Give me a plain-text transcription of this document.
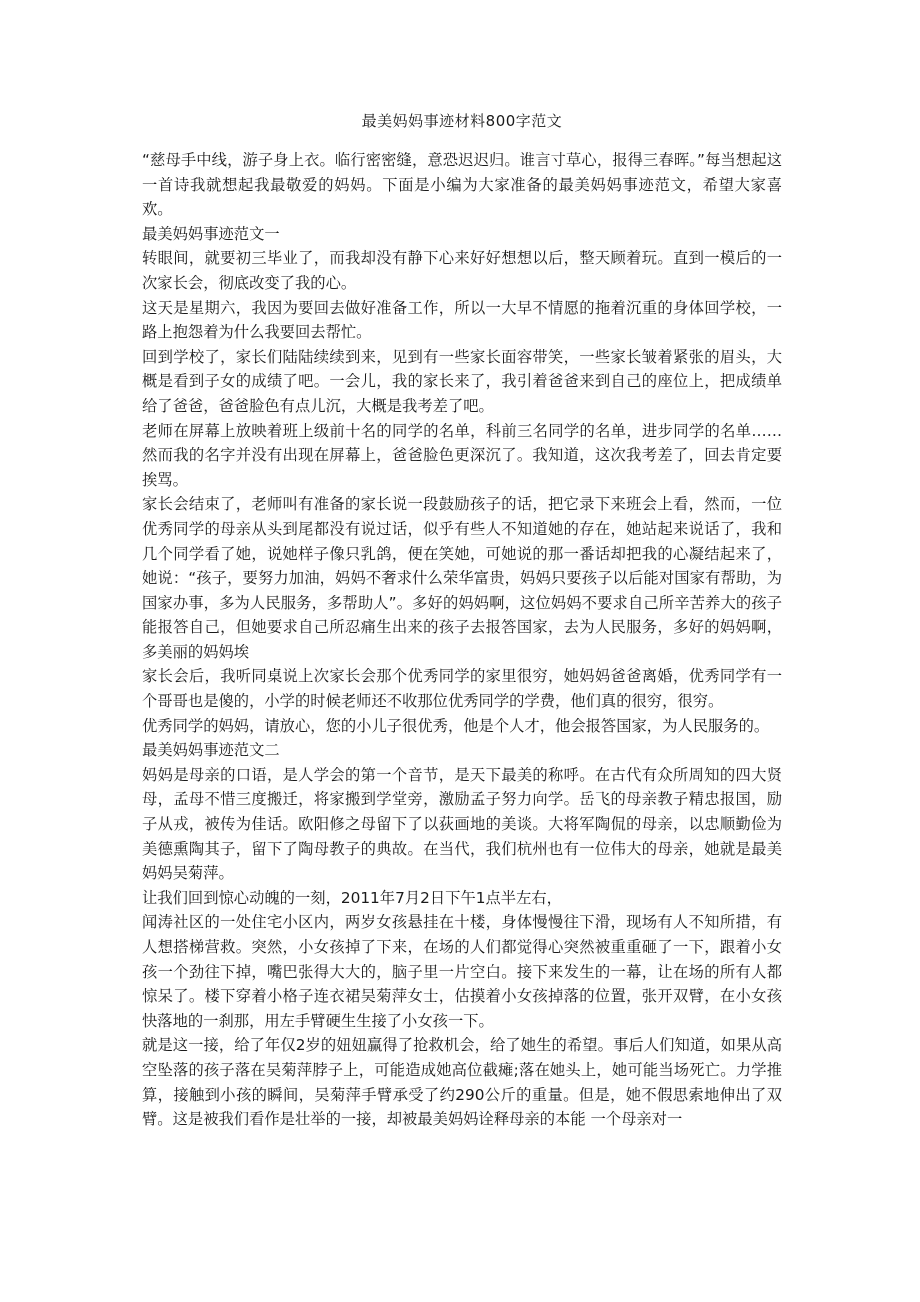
最美妈妈事迹材料800字范文

“慈母手中线，游子身上衣。临行密密缝，意恐迟迟归。谁言寸草心，报得三春晖。”每当想起这一首诗我就想起我最敬爱的妈妈。下面是小编为大家准备的最美妈妈事迹范文，希望大家喜欢。

最美妈妈事迹范文一

转眼间，就要初三毕业了，而我却没有静下心来好好想想以后，整天顾着玩。直到一模后的一次家长会，彻底改变了我的心。

这天是星期六，我因为要回去做好准备工作，所以一大早不情愿的拖着沉重的身体回学校，一路上抱怨着为什么我要回去帮忙。

回到学校了，家长们陆陆续续到来，见到有一些家长面容带笑，一些家长皱着紧张的眉头，大概是看到子女的成绩了吧。一会儿，我的家长来了，我引着爸爸来到自己的座位上，把成绩单给了爸爸，爸爸脸色有点儿沉，大概是我考差了吧。

老师在屏幕上放映着班上级前十名的同学的名单，科前三名同学的名单，进步同学的名单……然而我的名字并没有出现在屏幕上，爸爸脸色更深沉了。我知道，这次我考差了，回去肯定要挨骂。

家长会结束了，老师叫有准备的家长说一段鼓励孩子的话，把它录下来班会上看，然而，一位优秀同学的母亲从头到尾都没有说过话，似乎有些人不知道她的存在，她站起来说话了，我和几个同学看了她，说她样子像只乳鸽，便在笑她，可她说的那一番话却把我的心凝结起来了，她说：“孩子，要努力加油，妈妈不奢求什么荣华富贵，妈妈只要孩子以后能对国家有帮助，为国家办事，多为人民服务，多帮助人”。多好的妈妈啊，这位妈妈不要求自己所辛苦养大的孩子能报答自己，但她要求自己所忍痛生出来的孩子去报答国家，去为人民服务，多好的妈妈啊，多美丽的妈妈埃

家长会后，我听同桌说上次家长会那个优秀同学的家里很穷，她妈妈爸爸离婚，优秀同学有一个哥哥也是傻的，小学的时候老师还不收那位优秀同学的学费，他们真的很穷，很穷。

优秀同学的妈妈，请放心，您的小儿子很优秀，他是个人才，他会报答国家，为人民服务的。

最美妈妈事迹范文二

妈妈是母亲的口语，是人学会的第一个音节，是天下最美的称呼。在古代有众所周知的四大贤母，孟母不惜三度搬迁，将家搬到学堂旁，激励孟子努力向学。岳飞的母亲教子精忠报国，励子从戎，被传为佳话。欧阳修之母留下了以荻画地的美谈。大将军陶侃的母亲，以忠顺勤俭为美德熏陶其子，留下了陶母教子的典故。在当代，我们杭州也有一位伟大的母亲，她就是最美妈妈吴菊萍。

让我们回到惊心动魄的一刻，2011年7月2日下午1点半左右，

闻涛社区的一处住宅小区内，两岁女孩悬挂在十楼，身体慢慢往下滑，现场有人不知所措，有人想搭梯营救。突然，小女孩掉了下来，在场的人们都觉得心突然被重重砸了一下，跟着小女孩一个劲往下掉，嘴巴张得大大的，脑子里一片空白。接下来发生的一幕，让在场的所有人都惊呆了。楼下穿着小格子连衣裙吴菊萍女士，估摸着小女孩掉落的位置，张开双臂，在小女孩快落地的一刹那，用左手臂硬生生接了小女孩一下。

就是这一接，给了年仅2岁的妞妞赢得了抢救机会，给了她生的希望。事后人们知道，如果从高空坠落的孩子落在吴菊萍脖子上，可能造成她高位截瘫;落在她头上，她可能当场死亡。力学推算，接触到小孩的瞬间，吴菊萍手臂承受了约290公斤的重量。但是，她不假思索地伸出了双臂。这是被我们看作是壮举的一接，却被最美妈妈诠释母亲的本能 一个母亲对一
